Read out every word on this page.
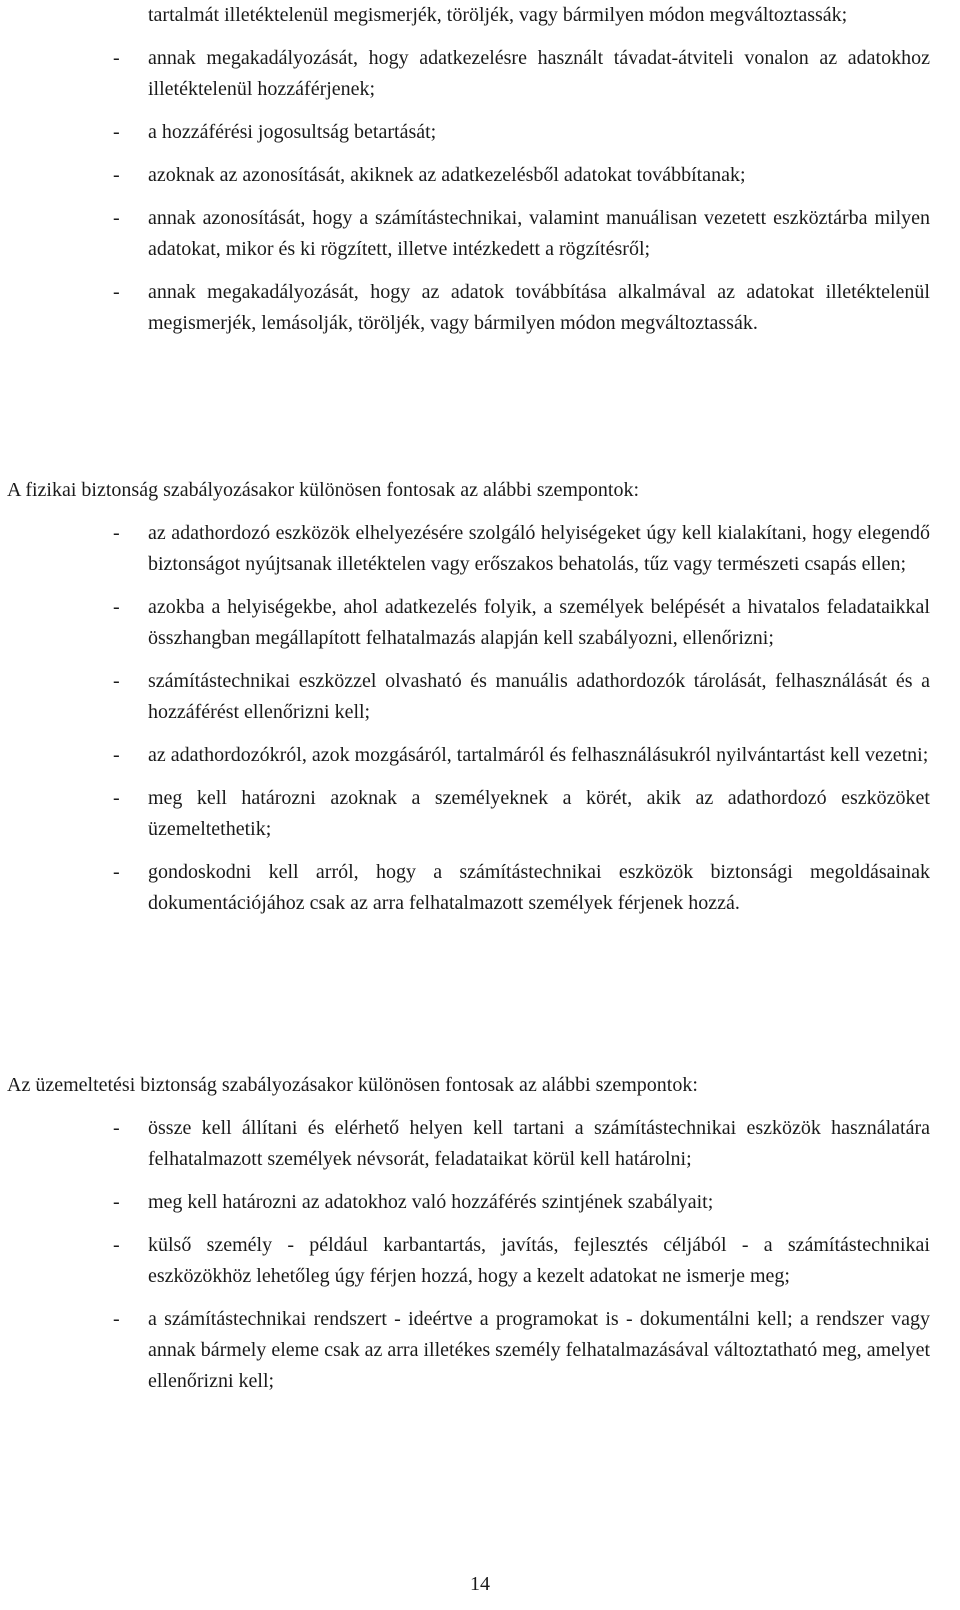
tartalmát illetéktelenül megismerjék, töröljék, vagy bármilyen módon megváltoztassák;
- annak megakadályozását, hogy adatkezelésre használt távadat-átviteli vonalon az adatokhoz illetéktelenül hozzáférjenek;
- a hozzáférési jogosultság betartását;
- azoknak az azonosítását, akiknek az adatkezelésből adatokat továbbítanak;
- annak azonosítását, hogy a számítástechnikai, valamint manuálisan vezetett eszköztárba milyen adatokat, mikor és ki rögzített, illetve intézkedett a rögzítésről;
- annak megakadályozását, hogy az adatok továbbítása alkalmával az adatokat illetéktelenül megismerjék, lemásolják, töröljék, vagy bármilyen módon megváltoztassák.
A fizikai biztonság szabályozásakor különösen fontosak az alábbi szempontok:
- az adathordozó eszközök elhelyezésére szolgáló helyiségeket úgy kell kialakítani, hogy elegendő biztonságot nyújtsanak illetéktelen vagy erőszakos behatolás, tűz vagy természeti csapás ellen;
- azokba a helyiségekbe, ahol adatkezelés folyik, a személyek belépését a hivatalos feladataikkal összhangban megállapított felhatalmazás alapján kell szabályozni, ellenőrizni;
- számítástechnikai eszközzel olvasható és manuális adathordozók tárolását, felhasználását és a hozzáférést ellenőrizni kell;
- az adathordozókról, azok mozgásáról, tartalmáról és felhasználásukról nyilvántartást kell vezetni;
- meg kell határozni azoknak a személyeknek a körét, akik az adathordozó eszközöket üzemeltethetik;
- gondoskodni kell arról, hogy a számítástechnikai eszközök biztonsági megoldásainak dokumentációjához csak az arra felhatalmazott személyek férjenek hozzá.
Az üzemeltetési biztonság szabályozásakor különösen fontosak az alábbi szempontok:
- össze kell állítani és elérhető helyen kell tartani a számítástechnikai eszközök használatára felhatalmazott személyek névsorát, feladataikat körül kell határolni;
- meg kell határozni az adatokhoz való hozzáférés szintjének szabályait;
- külső személy - például karbantartás, javítás, fejlesztés céljából - a számítástechnikai eszközökhöz lehetőleg úgy férjen hozzá, hogy a kezelt adatokat ne ismerje meg;
- a számítástechnikai rendszert - ideértve a programokat is - dokumentálni kell; a rendszer vagy annak bármely eleme csak az arra illetékes személy felhatalmazásával változtatható meg, amelyet ellenőrizni kell;
14
